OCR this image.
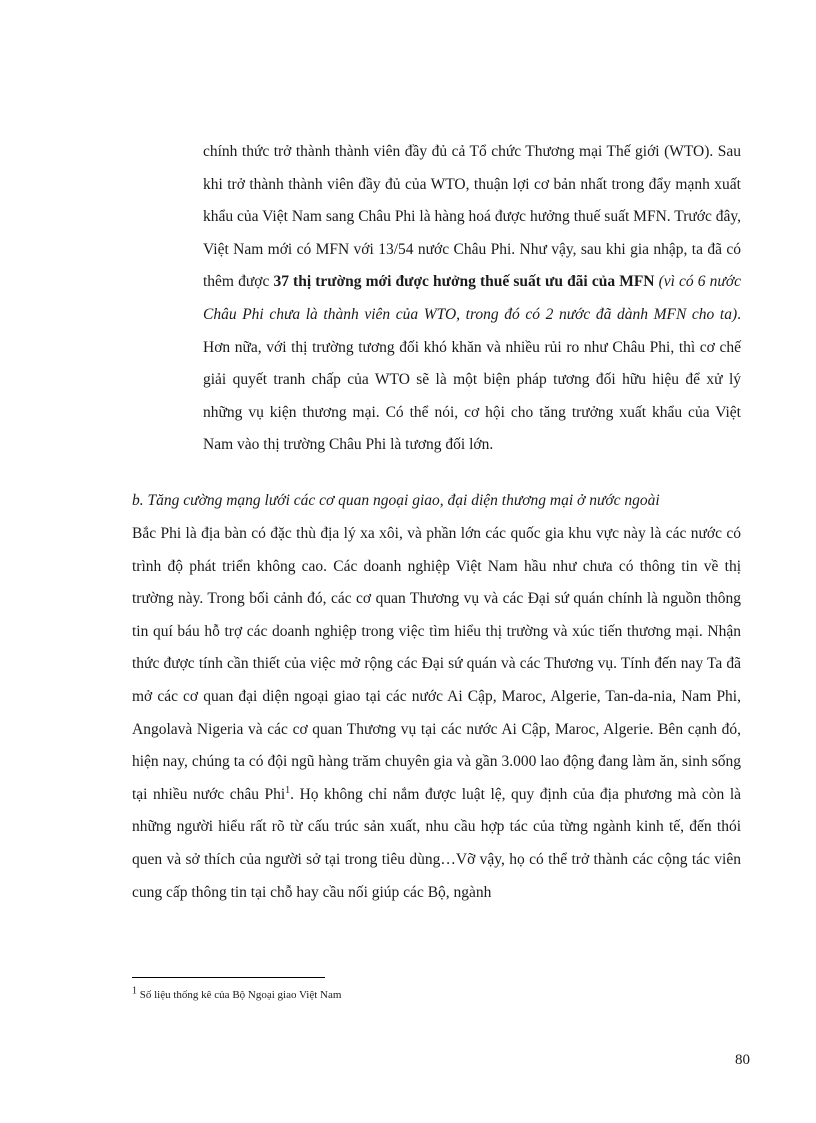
chính thức trở thành thành viên đầy đủ cả Tổ chức Thương mại Thế giới (WTO). Sau khi trở thành thành viên đầy đủ của WTO, thuận lợi cơ bản nhất trong đẩy mạnh xuất khẩu của Việt Nam sang Châu Phi là hàng hoá được hưởng thuế suất MFN. Trước đây, Việt Nam mới có MFN với 13/54 nước Châu Phi. Như vậy, sau khi gia nhập, ta đã có thêm được 37 thị trường mới được hưởng thuế suất ưu đãi của MFN (vì có 6 nước Châu Phi chưa là thành viên của WTO, trong đó có 2 nước đã dành MFN cho ta). Hơn nữa, với thị trường tương đối khó khăn và nhiều rủi ro như Châu Phi, thì cơ chế giải quyết tranh chấp của WTO sẽ là một biện pháp tương đối hữu hiệu để xử lý những vụ kiện thương mại. Có thể nói, cơ hội cho tăng trưởng xuất khẩu của Việt Nam vào thị trường Châu Phi là tương đối lớn.

b. Tăng cường mạng lưới các cơ quan ngoại giao, đại diện thương mại ở nước ngoài

Bắc Phi là địa bàn có đặc thù địa lý xa xôi, và phần lớn các quốc gia khu vực này là các nước có trình độ phát triển không cao. Các doanh nghiệp Việt Nam hầu như chưa có thông tin về thị trường này. Trong bối cảnh đó, các cơ quan Thương vụ và các Đại sứ quán chính là nguồn thông tin quí báu hỗ trợ các doanh nghiệp trong việc tìm hiểu thị trường và xúc tiến thương mại. Nhận thức được tính cần thiết của việc mở rộng các Đại sứ quán và các Thương vụ. Tính đến nay Ta đã mở các cơ quan đại diện ngoại giao tại các nước Ai Cập, Maroc, Algerie, Tan-da-nia, Nam Phi, Angolavà Nigeria và các cơ quan Thương vụ tại các nước Ai Cập, Maroc, Algerie. Bên cạnh đó, hiện nay, chúng ta có đội ngũ hàng trăm chuyên gia và gần 3.000 lao động đang làm ăn, sinh sống tại nhiều nước châu Phi$^1$. Họ không chỉ nắm được luật lệ, quy định của địa phương mà còn là những người hiểu rất rõ từ cấu trúc sản xuất, nhu cầu hợp tác của từng ngành kinh tế, đến thói quen và sở thích của người sở tại trong tiêu dùng…Vỡ vậy, họ có thể trở thành các cộng tác viên cung cấp thông tin tại chỗ hay cầu nối giúp các Bộ, ngành

$^1$ Số liệu thống kê của Bộ Ngoại giao Việt Nam

80
